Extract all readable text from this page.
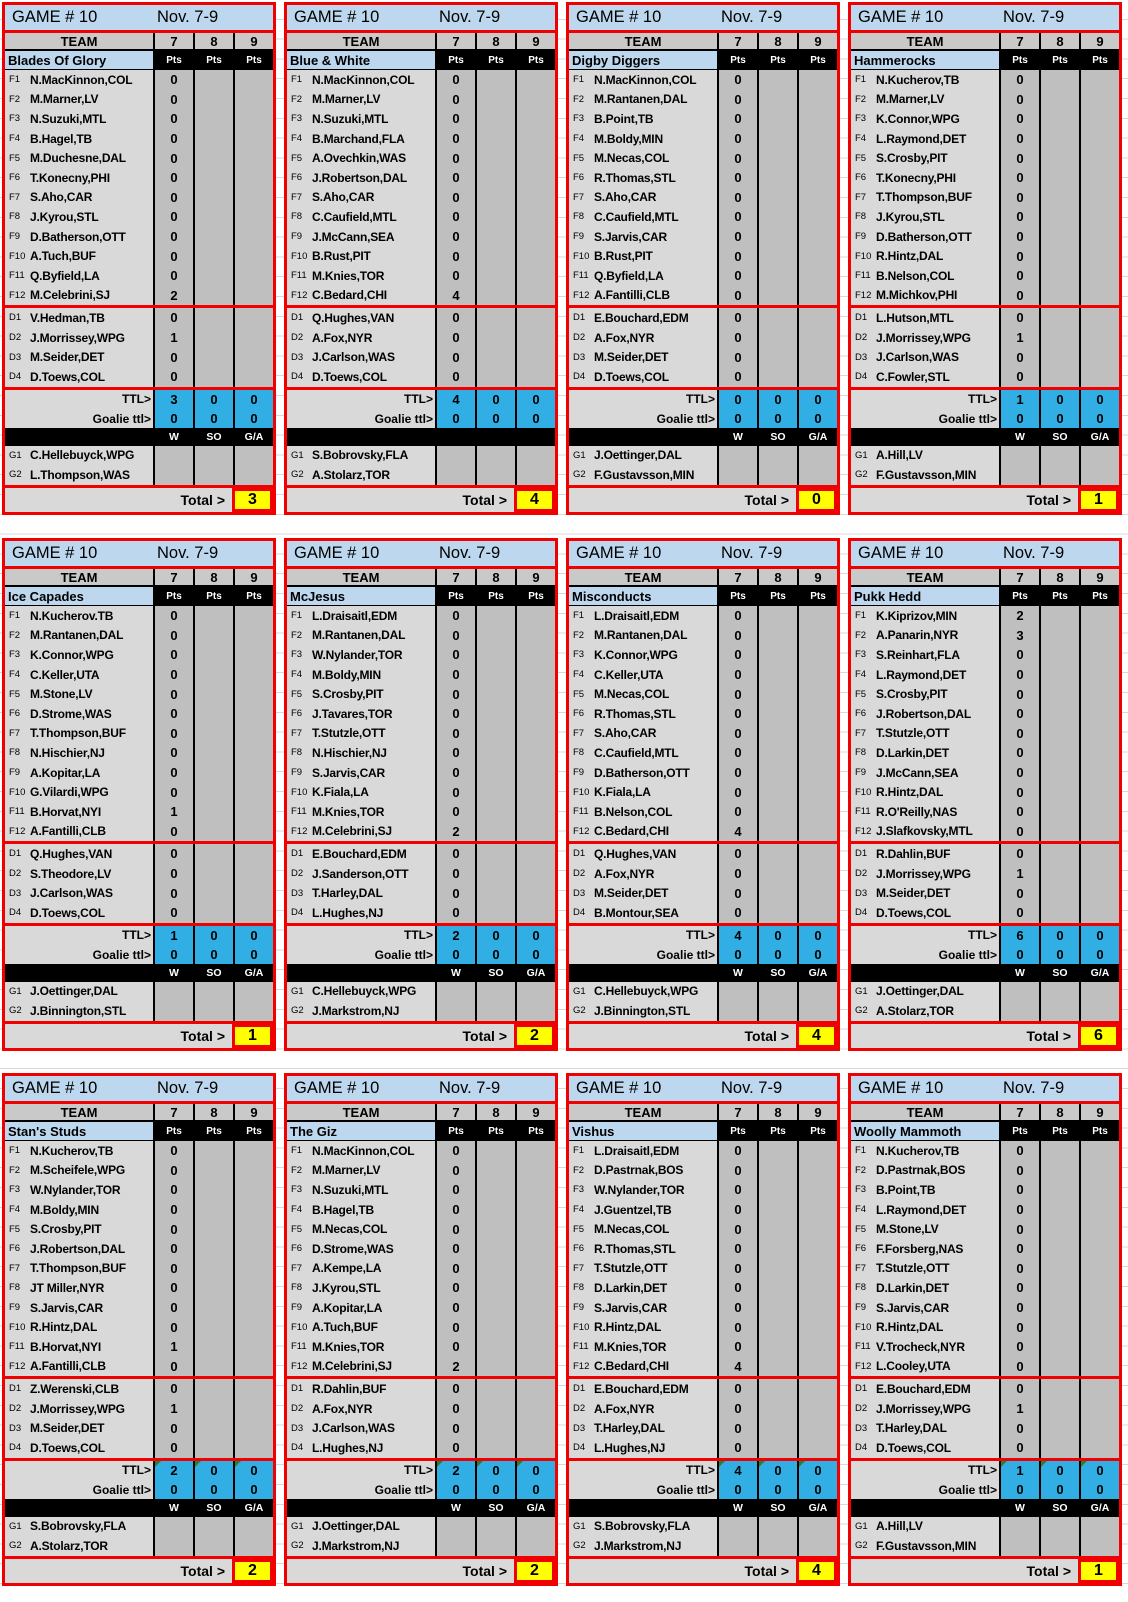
GAME # 10	Nov. 7-9
TEAM	7	8	9
Blades Of Glory	Pts	Pts	Pts
F1 N.MacKinnon,COL	0
F2 M.Marner,LV	0
F3 N.Suzuki,MTL	0
F4 B.Hagel,TB	0
F5 M.Duchesne,DAL	0
F6 T.Konecny,PHI	0
F7 S.Aho,CAR	0
F8 J.Kyrou,STL	0
F9 D.Batherson,OTT	0
F10 A.Tuch,BUF	0
F11 Q.Byfield,LA	0
F12 M.Celebrini,SJ	2
D1 V.Hedman,TB	0
D2 J.Morrissey,WPG	1
D3 M.Seider,DET	0
D4 D.Toews,COL	0
TTL>	3	0	0
Goalie ttl>	0	0	0
W	SO	G/A
G1 C.Hellebuyck,WPG
G2 L.Thompson,WAS
Total >	3
GAME # 10	Nov. 7-9
TEAM	7	8	9
Blue & White	Pts	Pts	Pts
F1 N.MacKinnon,COL	0
F2 M.Marner,LV	0
F3 N.Suzuki,MTL	0
F4 B.Marchand,FLA	0
F5 A.Ovechkin,WAS	0
F6 J.Robertson,DAL	0
F7 S.Aho,CAR	0
F8 C.Caufield,MTL	0
F9 J.McCann,SEA	0
F10 B.Rust,PIT	0
F11 M.Knies,TOR	0
F12 C.Bedard,CHI	4
D1 Q.Hughes,VAN	0
D2 A.Fox,NYR	0
D3 J.Carlson,WAS	0
D4 D.Toews,COL	0
TTL>	4	0	0
Goalie ttl>	0	0	0
G1 S.Bobrovsky,FLA
G2 A.Stolarz,TOR
Total >	4
GAME # 10	Nov. 7-9
TEAM	7	8	9
Digby Diggers	Pts	Pts	Pts
F1 N.MacKinnon,COL	0
F2 M.Rantanen,DAL	0
F3 B.Point,TB	0
F4 M.Boldy,MIN	0
F5 M.Necas,COL	0
F6 R.Thomas,STL	0
F7 S.Aho,CAR	0
F8 C.Caufield,MTL	0
F9 S.Jarvis,CAR	0
F10 B.Rust,PIT	0
F11 Q.Byfield,LA	0
F12 A.Fantilli,CLB	0
D1 E.Bouchard,EDM	0
D2 A.Fox,NYR	0
D3 M.Seider,DET	0
D4 D.Toews,COL	0
TTL>	0	0	0
Goalie ttl>	0	0	0
W	SO	G/A
G1 J.Oettinger,DAL
G2 F.Gustavsson,MIN
Total >	0
GAME # 10	Nov. 7-9
TEAM	7	8	9
Hammerocks	Pts	Pts	Pts
F1 N.Kucherov,TB	0
F2 M.Marner,LV	0
F3 K.Connor,WPG	0
F4 L.Raymond,DET	0
F5 S.Crosby,PIT	0
F6 T.Konecny,PHI	0
F7 T.Thompson,BUF	0
F8 J.Kyrou,STL	0
F9 D.Batherson,OTT	0
F10 R.Hintz,DAL	0
F11 B.Nelson,COL	0
F12 M.Michkov,PHI	0
D1 L.Hutson,MTL	0
D2 J.Morrissey,WPG	1
D3 J.Carlson,WAS	0
D4 C.Fowler,STL	0
TTL>	1	0	0
Goalie ttl>	0	0	0
W	SO	G/A
G1 A.Hill,LV
G2 F.Gustavsson,MIN
Total >	1
GAME # 10	Nov. 7-9
TEAM	7	8	9
Ice Capades	Pts	Pts	Pts
F1 N.Kucherov.TB	0
F2 M.Rantanen,DAL	0
F3 K.Connor,WPG	0
F4 C.Keller,UTA	0
F5 M.Stone,LV	0
F6 D.Strome,WAS	0
F7 T.Thompson,BUF	0
F8 N.Hischier,NJ	0
F9 A.Kopitar,LA	0
F10 G.Vilardi,WPG	0
F11 B.Horvat,NYI	1
F12 A.Fantilli,CLB	0
D1 Q.Hughes,VAN	0
D2 S.Theodore,LV	0
D3 J.Carlson,WAS	0
D4 D.Toews,COL	0
TTL>	1	0	0
Goalie ttl>	0	0	0
W	SO	G/A
G1 J.Oettinger,DAL
G2 J.Binnington,STL
Total >	1
GAME # 10	Nov. 7-9
TEAM	7	8	9
McJesus	Pts	Pts	Pts
F1 L.Draisaitl,EDM	0
F2 M.Rantanen,DAL	0
F3 W.Nylander,TOR	0
F4 M.Boldy,MIN	0
F5 S.Crosby,PIT	0
F6 J.Tavares,TOR	0
F7 T.Stutzle,OTT	0
F8 N.Hischier,NJ	0
F9 S.Jarvis,CAR	0
F10 K.Fiala,LA	0
F11 M.Knies,TOR	0
F12 M.Celebrini,SJ	2
D1 E.Bouchard,EDM	0
D2 J.Sanderson,OTT	0
D3 T.Harley,DAL	0
D4 L.Hughes,NJ	0
TTL>	2	0	0
Goalie ttl>	0	0	0
W	SO	G/A
G1 C.Hellebuyck,WPG
G2 J.Markstrom,NJ
Total >	2
GAME # 10	Nov. 7-9
TEAM	7	8	9
Misconducts	Pts	Pts	Pts
F1 L.Draisaitl,EDM	0
F2 M.Rantanen,DAL	0
F3 K.Connor,WPG	0
F4 C.Keller,UTA	0
F5 M.Necas,COL	0
F6 R.Thomas,STL	0
F7 S.Aho,CAR	0
F8 C.Caufield,MTL	0
F9 D.Batherson,OTT	0
F10 K.Fiala,LA	0
F11 B.Nelson,COL	0
F12 C.Bedard,CHI	4
D1 Q.Hughes,VAN	0
D2 A.Fox,NYR	0
D3 M.Seider,DET	0
D4 B.Montour,SEA	0
TTL>	4	0	0
Goalie ttl>	0	0	0
W	SO	G/A
G1 C.Hellebuyck,WPG
G2 J.Binnington,STL
Total >	4
GAME # 10	Nov. 7-9
TEAM	7	8	9
Pukk Hedd	Pts	Pts	Pts
F1 K.Kiprizov,MIN	2
F2 A.Panarin,NYR	3
F3 S.Reinhart,FLA	0
F4 L.Raymond,DET	0
F5 S.Crosby,PIT	0
F6 J.Robertson,DAL	0
F7 T.Stutzle,OTT	0
F8 D.Larkin,DET	0
F9 J.McCann,SEA	0
F10 R.Hintz,DAL	0
F11 R.O'Reilly,NAS	0
F12 J.Slafkovsky,MTL	0
D1 R.Dahlin,BUF	0
D2 J.Morrissey,WPG	1
D3 M.Seider,DET	0
D4 D.Toews,COL	0
TTL>	6	0	0
Goalie ttl>	0	0	0
W	SO	G/A
G1 J.Oettinger,DAL
G2 A.Stolarz,TOR
Total >	6
GAME # 10	Nov. 7-9
TEAM	7	8	9
Stan's Studs	Pts	Pts	Pts
F1 N.Kucherov,TB	0
F2 M.Scheifele,WPG	0
F3 W.Nylander,TOR	0
F4 M.Boldy,MIN	0
F5 S.Crosby,PIT	0
F6 J.Robertson,DAL	0
F7 T.Thompson,BUF	0
F8 JT Miller,NYR	0
F9 S.Jarvis,CAR	0
F10 R.Hintz,DAL	0
F11 B.Horvat,NYI	1
F12 A.Fantilli,CLB	0
D1 Z.Werenski,CLB	0
D2 J.Morrissey,WPG	1
D3 M.Seider,DET	0
D4 D.Toews,COL	0
TTL>	2	0	0
Goalie ttl>	0	0	0
W	SO	G/A
G1 S.Bobrovsky,FLA
G2 A.Stolarz,TOR
Total >	2
GAME # 10	Nov. 7-9
TEAM	7	8	9
The Giz	Pts	Pts	Pts
F1 N.MacKinnon,COL	0
F2 M.Marner,LV	0
F3 N.Suzuki,MTL	0
F4 B.Hagel,TB	0
F5 M.Necas,COL	0
F6 D.Strome,WAS	0
F7 A.Kempe,LA	0
F8 J.Kyrou,STL	0
F9 A.Kopitar,LA	0
F10 A.Tuch,BUF	0
F11 M.Knies,TOR	0
F12 M.Celebrini,SJ	2
D1 R.Dahlin,BUF	0
D2 A.Fox,NYR	0
D3 J.Carlson,WAS	0
D4 L.Hughes,NJ	0
TTL>	2	0	0
Goalie ttl>	0	0	0
W	SO	G/A
G1 J.Oettinger,DAL
G2 J.Markstrom,NJ
Total >	2
GAME # 10	Nov. 7-9
TEAM	7	8	9
Vishus	Pts	Pts	Pts
F1 L.Draisaitl,EDM	0
F2 D.Pastrnak,BOS	0
F3 W.Nylander,TOR	0
F4 J.Guentzel,TB	0
F5 M.Necas,COL	0
F6 R.Thomas,STL	0
F7 T.Stutzle,OTT	0
F8 D.Larkin,DET	0
F9 S.Jarvis,CAR	0
F10 R.Hintz,DAL	0
F11 M.Knies,TOR	0
F12 C.Bedard,CHI	4
D1 E.Bouchard,EDM	0
D2 A.Fox,NYR	0
D3 T.Harley,DAL	0
D4 L.Hughes,NJ	0
TTL>	4	0	0
Goalie ttl>	0	0	0
W	SO	G/A
G1 S.Bobrovsky,FLA
G2 J.Markstrom,NJ
Total >	4
GAME # 10	Nov. 7-9
TEAM	7	8	9
Woolly Mammoth	Pts	Pts	Pts
F1 N.Kucherov,TB	0
F2 D.Pastrnak,BOS	0
F3 B.Point,TB	0
F4 L.Raymond,DET	0
F5 M.Stone,LV	0
F6 F.Forsberg,NAS	0
F7 T.Stutzle,OTT	0
F8 D.Larkin,DET	0
F9 S.Jarvis,CAR	0
F10 R.Hintz,DAL	0
F11 V.Trocheck,NYR	0
F12 L.Cooley,UTA	0
D1 E.Bouchard,EDM	0
D2 J.Morrissey,WPG	1
D3 T.Harley,DAL	0
D4 D.Toews,COL	0
TTL>	1	0	0
Goalie ttl>	0	0	0
W	SO	G/A
G1 A.Hill,LV
G2 F.Gustavsson,MIN
Total >	1
